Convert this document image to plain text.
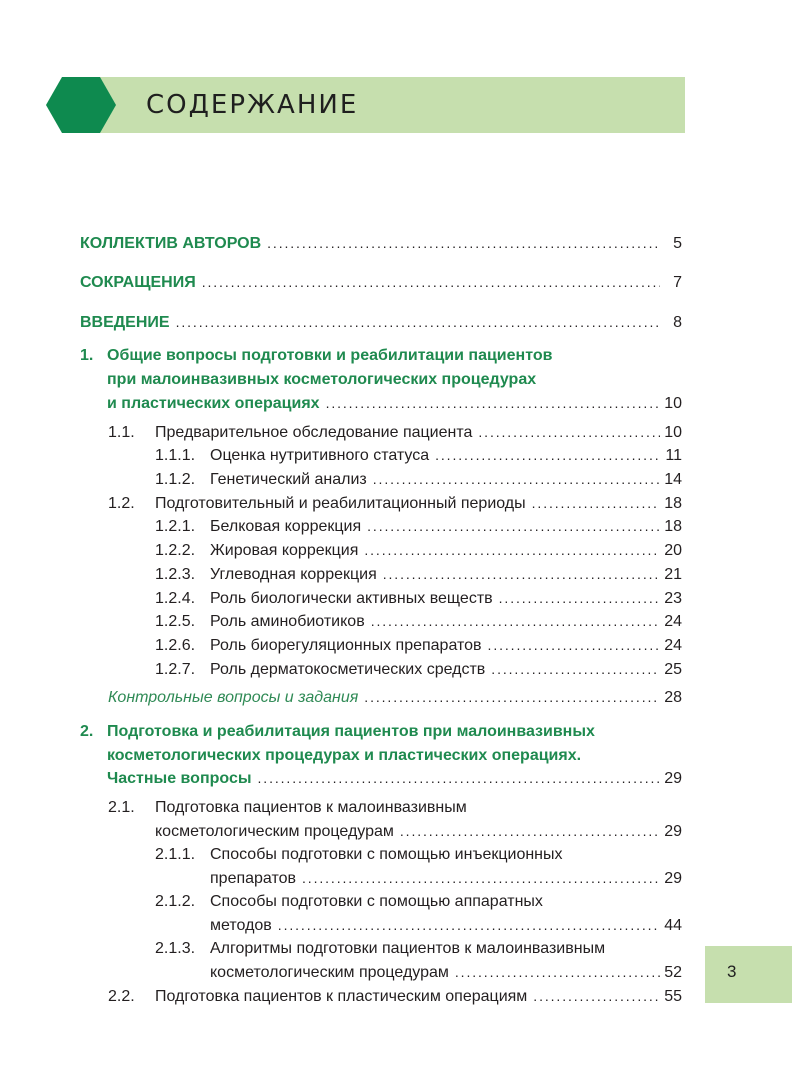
СОДЕРЖАНИЕ
КОЛЛЕКТИВ АВТОРОВ . . .	5
СОКРАЩЕНИЯ . . .	7
ВВЕДЕНИЕ . . .	8
1. Общие вопросы подготовки и реабилитации пациентов
при малоинвазивных косметологических процедурах
и пластических операциях . . .	10
1.1.	Предварительное обследование пациента . . .	10
1.1.1. Оценка нутритивного статуса . . .	11
1.1.2. Генетический анализ . . .	14
1.2.	Подготовительный и реабилитационный периоды . . .	18
1.2.1. Белковая коррекция . . .	18
1.2.2. Жировая коррекция . . .	20
1.2.3. Углеводная коррекция . . .	21
1.2.4. Роль биологически активных веществ . . .	23
1.2.5. Роль аминобиотиков . . .	24
1.2.6. Роль биорегуляционных препаратов . . .	24
1.2.7. Роль дерматокосметических средств . . .	25
Контрольные вопросы и задания . . .	28
2. Подготовка и реабилитация пациентов при малоинвазивных
косметологических процедурах и пластических операциях.
Частные вопросы . . .	29
2.1. Подготовка пациентов к малоинвазивным
косметологическим процедурам . . .	29
2.1.1. Способы подготовки с помощью инъекционных
препаратов . . .	29
2.1.2. Способы подготовки с помощью аппаратных
методов . . .	44
2.1.3. Алгоритмы подготовки пациентов к малоинвазивным
косметологическим процедурам . . .	52
2.2.	Подготовка пациентов к пластическим операциям . . .	55
3
